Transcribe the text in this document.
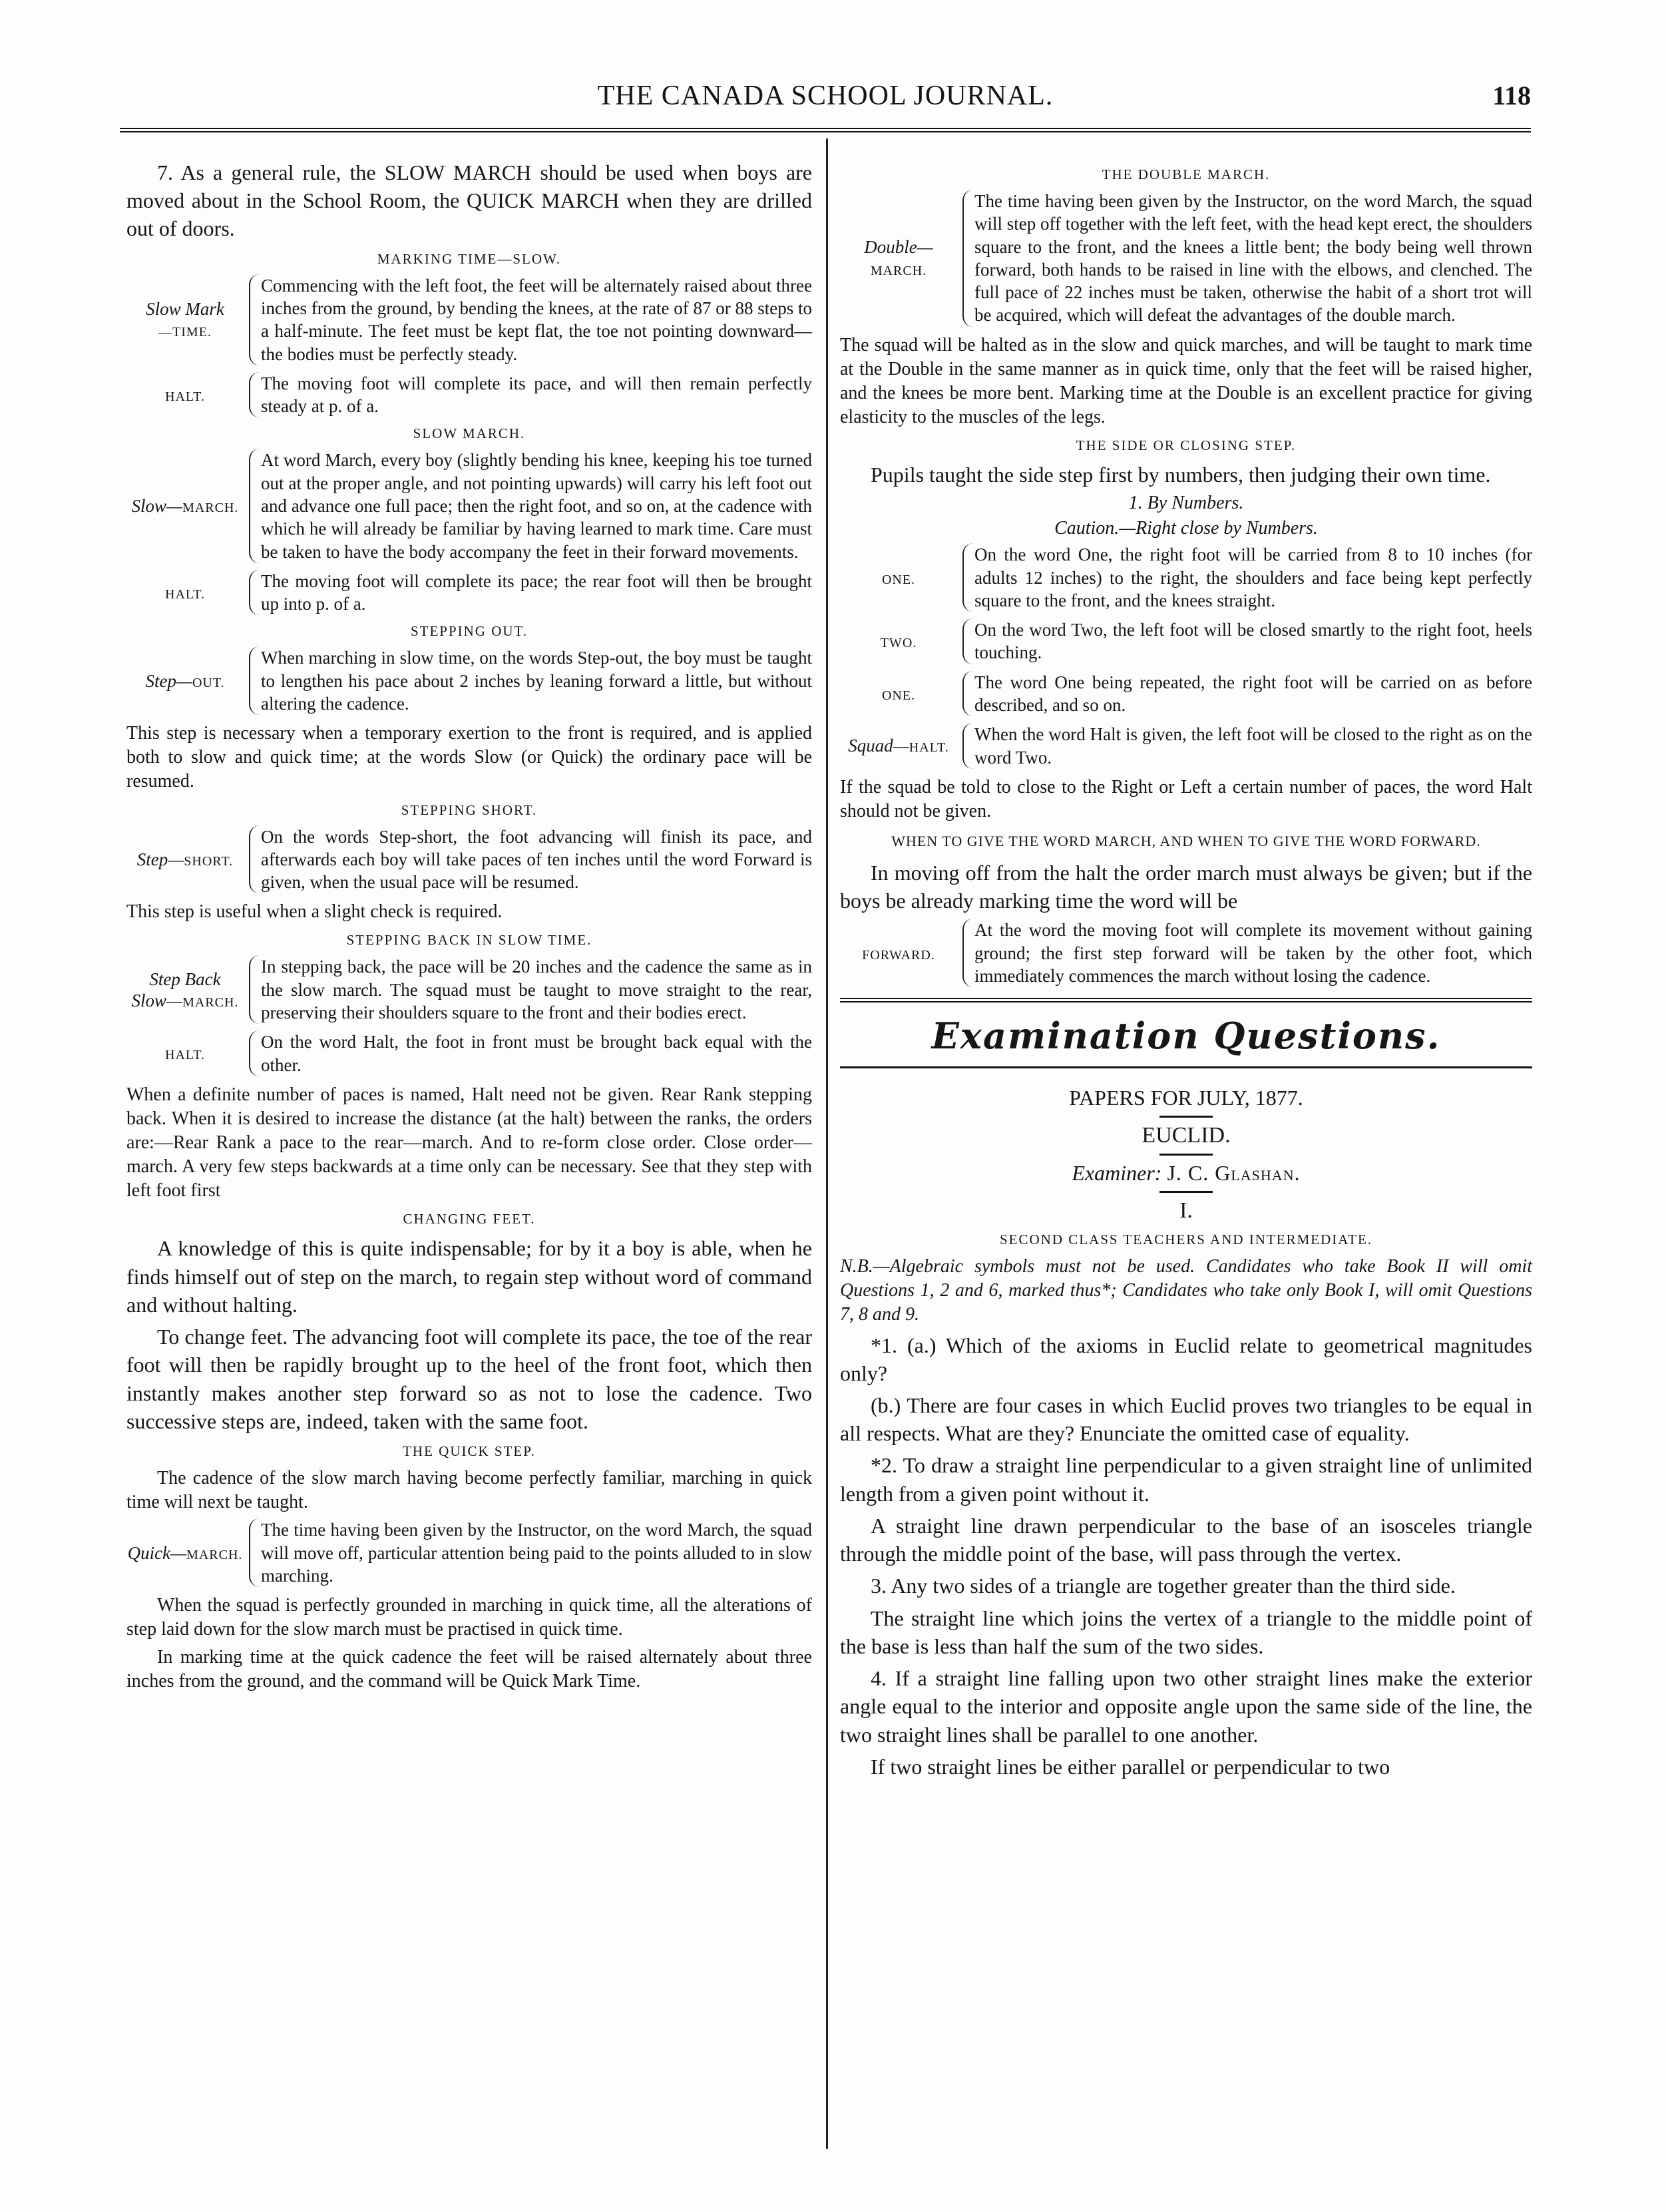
THE CANADA SCHOOL JOURNAL.	118

7. As a general rule, the SLOW MARCH should be used when boys are moved about in the School Room, the QUICK MARCH when they are drilled out of doors.

MARKING TIME—SLOW.
Slow Mark
—TIME.
Commencing with the left foot, the feet will be alternately raised about three inches from the ground, by bending the knees, at the rate of 87 or 88 steps to a half-minute. The feet must be kept flat, the toe not pointing downward—the bodies must be perfectly steady.
HALT.
The moving foot will complete its pace, and will then remain perfectly steady at p. of a.
SLOW MARCH.
Slow—MARCH.
At word March, every boy (slightly bending his knee, keeping his toe turned out at the proper angle, and not pointing upwards) will carry his left foot out and advance one full pace; then the right foot, and so on, at the cadence with which he will already be familiar by having learned to mark time. Care must be taken to have the body accompany the feet in their forward movements.
HALT.
The moving foot will complete its pace; the rear foot will then be brought up into p. of a.
STEPPING OUT.
Step—OUT.
When marching in slow time, on the words Step-out, the boy must be taught to lengthen his pace about 2 inches by leaning forward a little, but without altering the cadence.

This step is necessary when a temporary exertion to the front is required, and is applied both to slow and quick time; at the words Slow (or Quick) the ordinary pace will be resumed.

STEPPING SHORT.
Step—SHORT.
On the words Step-short, the foot advancing will finish its pace, and afterwards each boy will take paces of ten inches until the word Forward is given, when the usual pace will be resumed.

This step is useful when a slight check is required.

STEPPING BACK IN SLOW TIME.
Step Back
Slow—MARCH.
In stepping back, the pace will be 20 inches and the cadence the same as in the slow march. The squad must be taught to move straight to the rear, preserving their shoulders square to the front and their bodies erect.
HALT.
On the word Halt, the foot in front must be brought back equal with the other.

When a definite number of paces is named, Halt need not be given. Rear Rank stepping back. When it is desired to increase the distance (at the halt) between the ranks, the orders are:—Rear Rank a pace to the rear—march. And to re-form close order. Close order—march. A very few steps backwards at a time only can be necessary. See that they step with left foot first

CHANGING FEET.

A knowledge of this is quite indispensable; for by it a boy is able, when he finds himself out of step on the march, to regain step without word of command and without halting.

To change feet. The advancing foot will complete its pace, the toe of the rear foot will then be rapidly brought up to the heel of the front foot, which then instantly makes another step forward so as not to lose the cadence. Two successive steps are, indeed, taken with the same foot.

THE QUICK STEP.

The cadence of the slow march having become perfectly familiar, marching in quick time will next be taught.

Quick—MARCH.
The time having been given by the Instructor, on the word March, the squad will move off, particular attention being paid to the points alluded to in slow marching.

When the squad is perfectly grounded in marching in quick time, all the alterations of step laid down for the slow march must be practised in quick time.

In marking time at the quick cadence the feet will be raised alternately about three inches from the ground, and the command will be Quick Mark Time.

THE DOUBLE MARCH.
Double—MARCH.
The time having been given by the Instructor, on the word March, the squad will step off together with the left feet, with the head kept erect, the shoulders square to the front, and the knees a little bent; the body being well thrown forward, both hands to be raised in line with the elbows, and clenched. The full pace of 22 inches must be taken, otherwise the habit of a short trot will be acquired, which will defeat the advantages of the double march.

The squad will be halted as in the slow and quick marches, and will be taught to mark time at the Double in the same manner as in quick time, only that the feet will be raised higher, and the knees be more bent. Marking time at the Double is an excellent practice for giving elasticity to the muscles of the legs.

THE SIDE OR CLOSING STEP.

Pupils taught the side step first by numbers, then judging their own time.

1. By Numbers.
Caution.—Right close by Numbers.
ONE.
On the word One, the right foot will be carried from 8 to 10 inches (for adults 12 inches) to the right, the shoulders and face being kept perfectly square to the front, and the knees straight.
TWO.
On the word Two, the left foot will be closed smartly to the right foot, heels touching.
ONE.
The word One being repeated, the right foot will be carried on as before described, and so on.
Squad—HALT.
When the word Halt is given, the left foot will be closed to the right as on the word Two.

If the squad be told to close to the Right or Left a certain number of paces, the word Halt should not be given.

WHEN TO GIVE THE WORD MARCH, AND WHEN TO GIVE THE WORD FORWARD.

In moving off from the halt the order march must always be given; but if the boys be already marking time the word will be

FORWARD.
At the word the moving foot will complete its movement without gaining ground; the first step forward will be taken by the other foot, which immediately commences the march without losing the cadence.
Examination Questions.
PAPERS FOR JULY, 1877.
EUCLID.
Examiner: J. C. Glashan.
I.
SECOND CLASS TEACHERS AND INTERMEDIATE.

N.B.—Algebraic symbols must not be used. Candidates who take Book II will omit Questions 1, 2 and 6, marked thus*; Candidates who take only Book I, will omit Questions 7, 8 and 9.

*1. (a.) Which of the axioms in Euclid relate to geometrical magnitudes only?

(b.) There are four cases in which Euclid proves two triangles to be equal in all respects. What are they? Enunciate the omitted case of equality.

*2. To draw a straight line perpendicular to a given straight line of unlimited length from a given point without it.

A straight line drawn perpendicular to the base of an isosceles triangle through the middle point of the base, will pass through the vertex.

3. Any two sides of a triangle are together greater than the third side.

The straight line which joins the vertex of a triangle to the middle point of the base is less than half the sum of the two sides.

4. If a straight line falling upon two other straight lines make the exterior angle equal to the interior and opposite angle upon the same side of the line, the two straight lines shall be parallel to one another.

If two straight lines be either parallel or perpendicular to two
